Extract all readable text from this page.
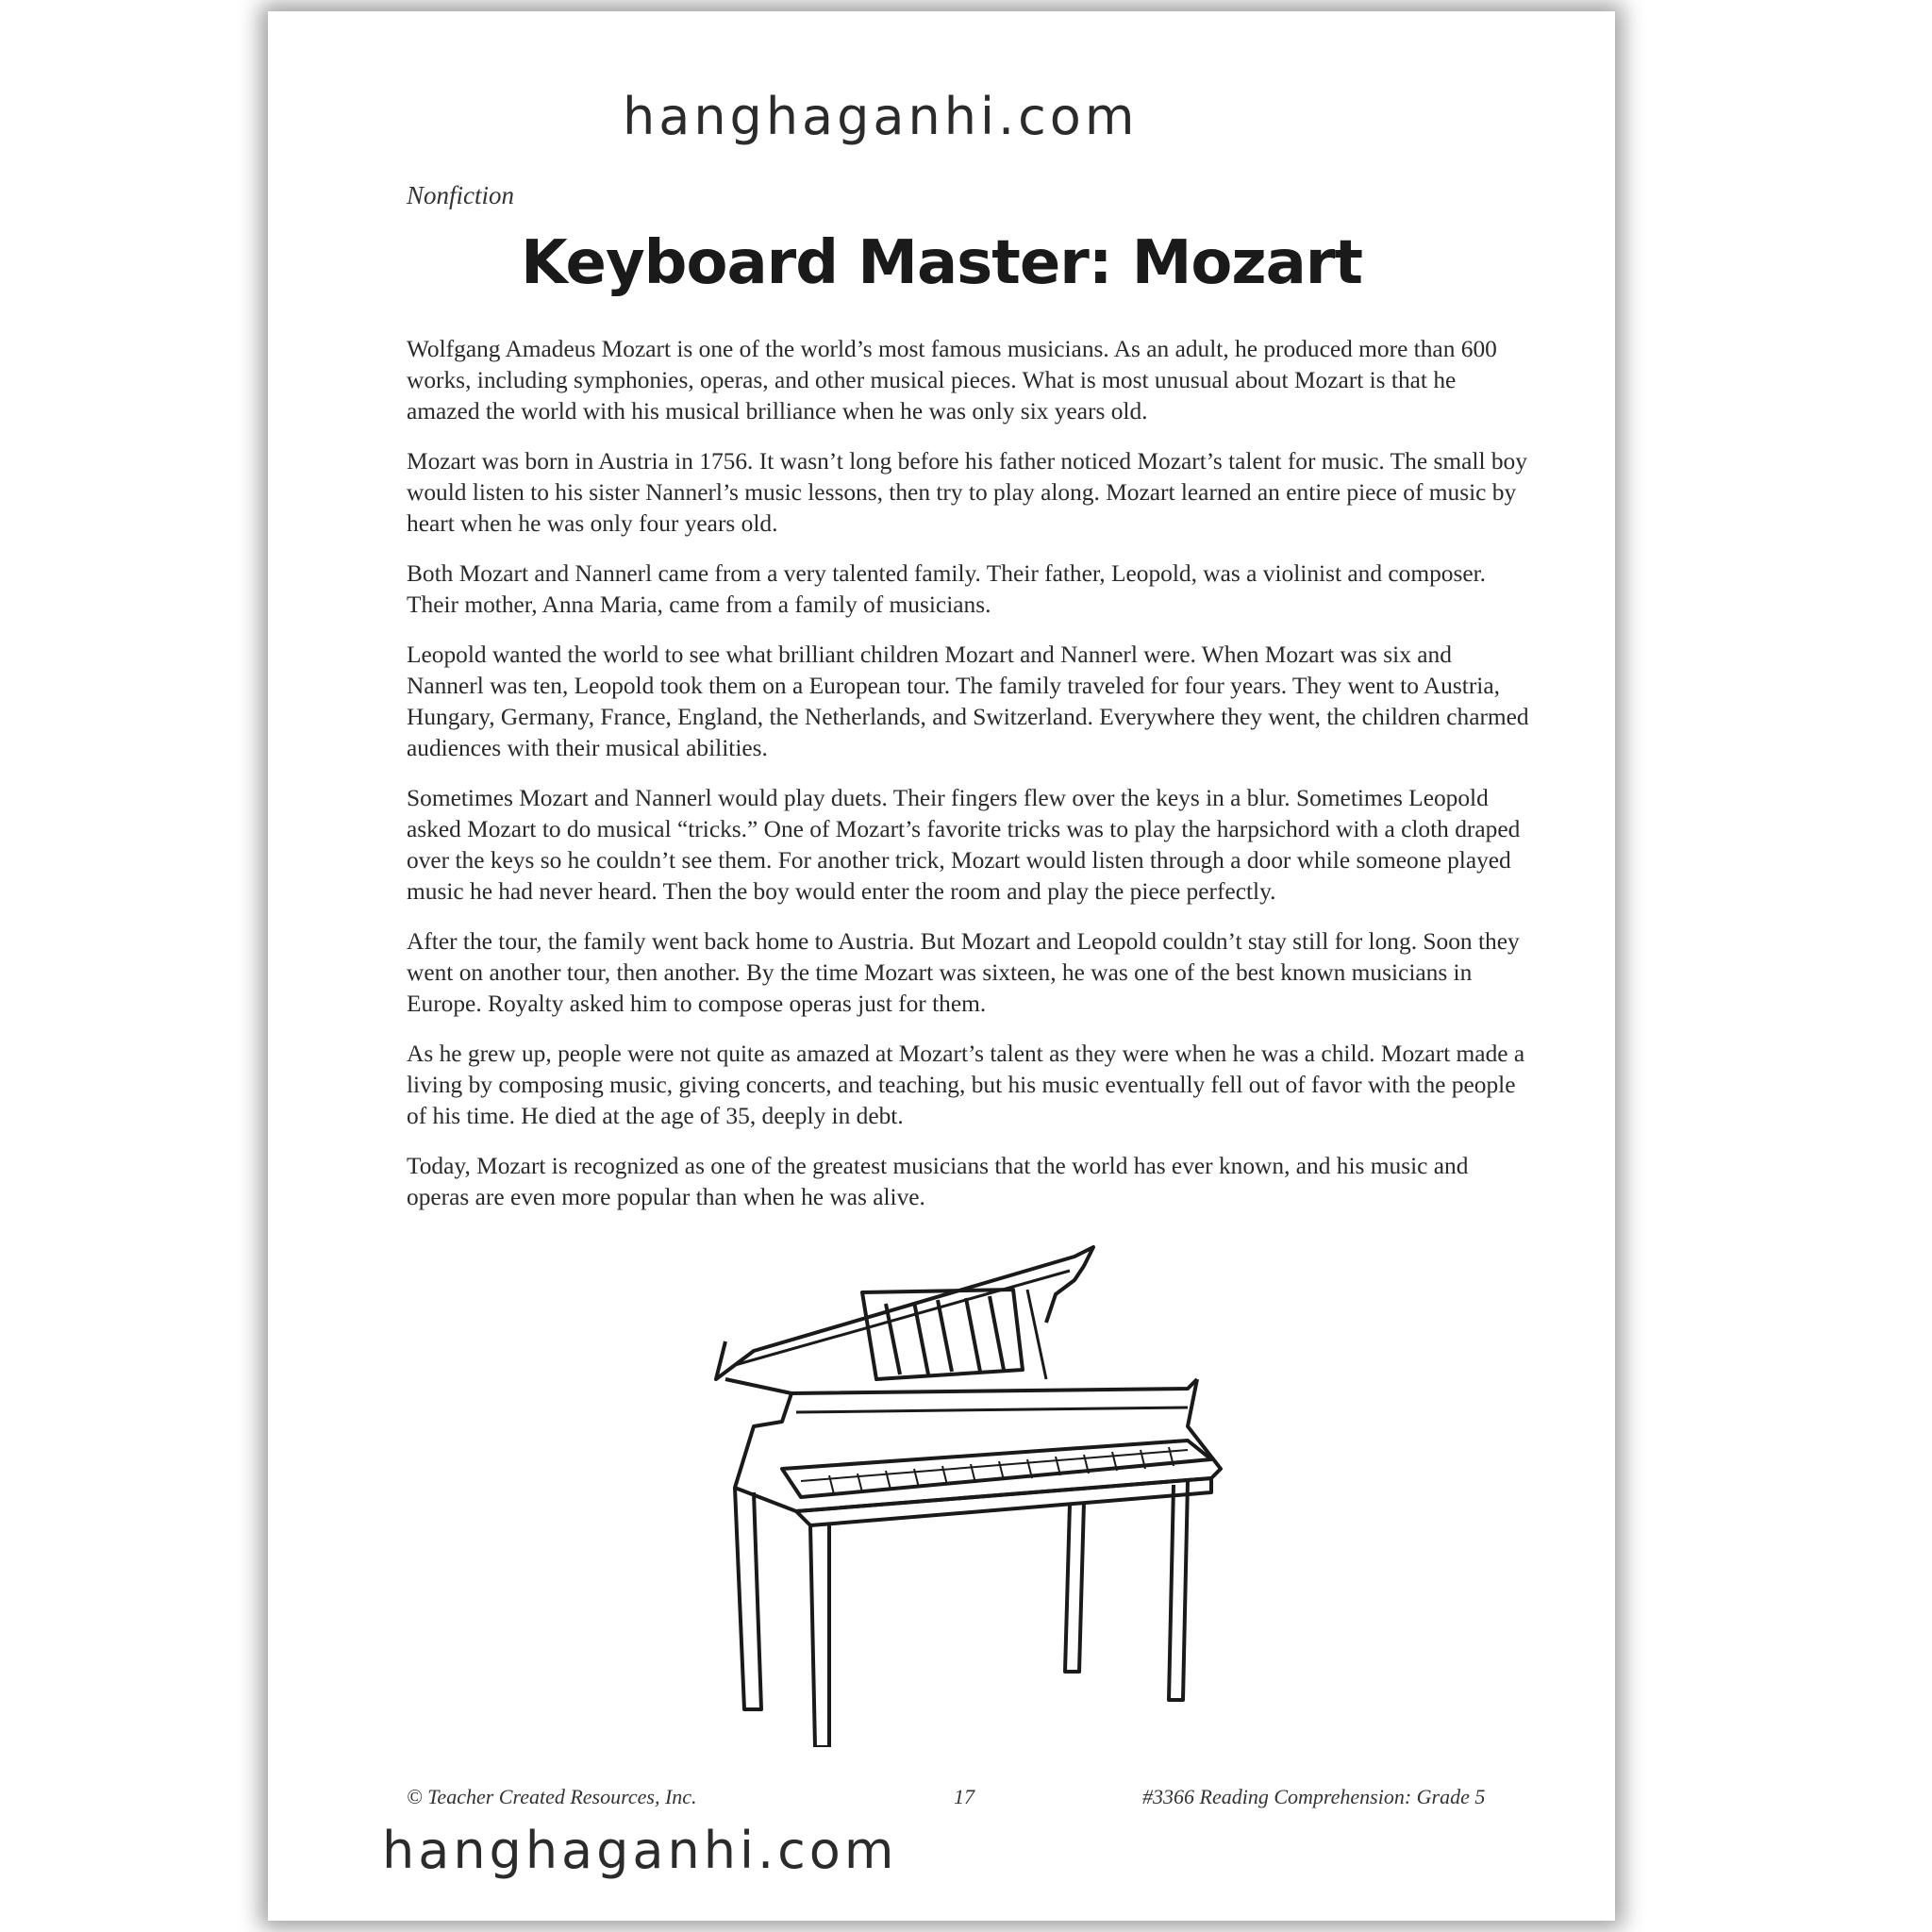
Nonfiction
Keyboard Master: Mozart

Wolfgang Amadeus Mozart is one of the world’s most famous musicians. As an adult, he produced more than 600 works, including symphonies, operas, and other musical pieces. What is most unusual about Mozart is that he amazed the world with his musical brilliance when he was only six years old.

Mozart was born in Austria in 1756. It wasn’t long before his father noticed Mozart’s talent for music. The small boy would listen to his sister Nannerl’s music lessons, then try to play along. Mozart learned an entire piece of music by heart when he was only four years old.

Both Mozart and Nannerl came from a very talented family. Their father, Leopold, was a violinist and composer. Their mother, Anna Maria, came from a family of musicians.

Leopold wanted the world to see what brilliant children Mozart and Nannerl were. When Mozart was six and Nannerl was ten, Leopold took them on a European tour. The family traveled for four years. They went to Austria, Hungary, Germany, France, England, the Netherlands, and Switzerland. Everywhere they went, the children charmed audiences with their musical abilities.

Sometimes Mozart and Nannerl would play duets. Their fingers flew over the keys in a blur. Sometimes Leopold asked Mozart to do musical “tricks.” One of Mozart’s favorite tricks was to play the harpsichord with a cloth draped over the keys so he couldn’t see them. For another trick, Mozart would listen through a door while someone played music he had never heard. Then the boy would enter the room and play the piece perfectly.

After the tour, the family went back home to Austria. But Mozart and Leopold couldn’t stay still for long. Soon they went on another tour, then another. By the time Mozart was sixteen, he was one of the best known musicians in Europe. Royalty asked him to compose operas just for them.

As he grew up, people were not quite as amazed at Mozart’s talent as they were when he was a child. Mozart made a living by composing music, giving concerts, and teaching, but his music eventually fell out of favor with the people of his time. He died at the age of 35, deeply in debt.

Today, Mozart is recognized as one of the greatest musicians that the world has ever known, and his music and operas are even more popular than when he was alive.

© Teacher Created Resources, Inc.	17	#3366 Reading Comprehension: Grade 5
hanghaganhi.com
hanghaganhi.com
